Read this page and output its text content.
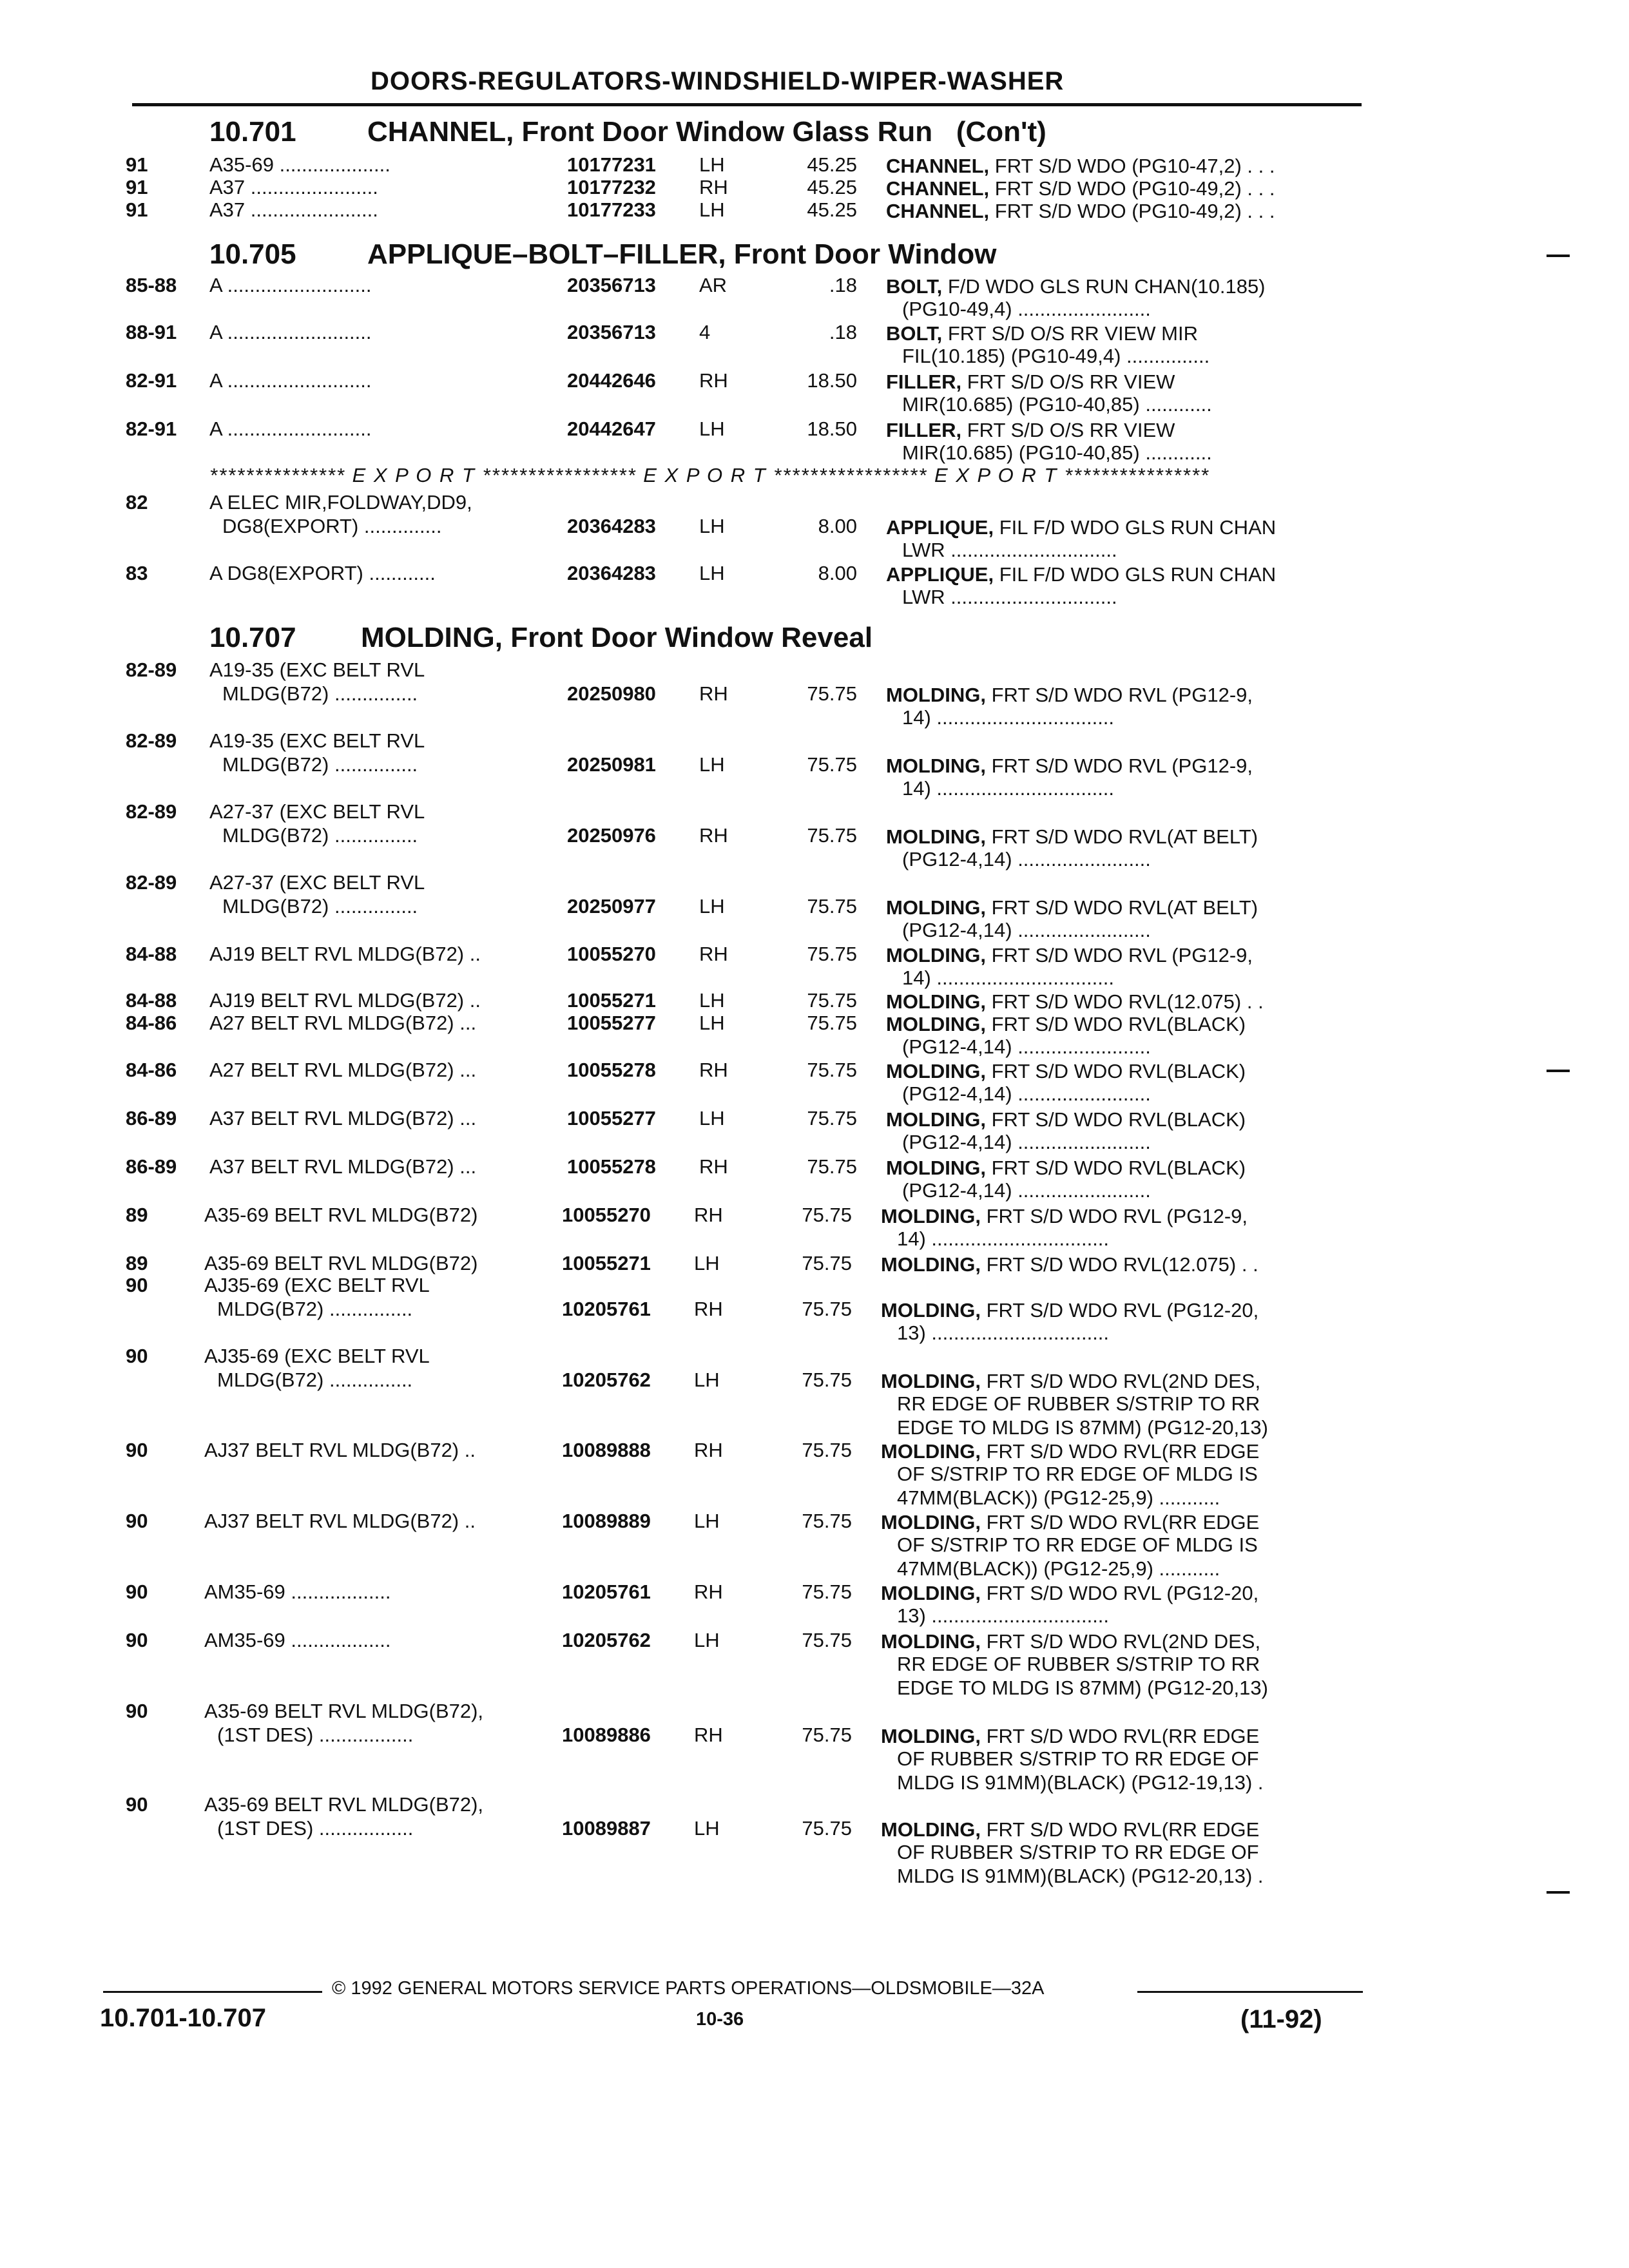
DOORS-REGULATORS-WINDSHIELD-WIPER-WASHER
10.701	CHANNEL, Front Door Window Glass Run (Con't)
10.705	APPLIQUE–BOLT–FILLER, Front Door Window
*************** E X P O R T ***************** E X P O R T ***************** E X P O R T ****************
10.707 MOLDING, Front Door Window Reveal
91	A35-69 ....................	10177231 LH	45.25 CHANNEL, FRT S/D WDO (PG10-47,2) . . .
91	A37 .......................	10177232 RH	45.25 CHANNEL, FRT S/D WDO (PG10-49,2) . . .
91	A37 .......................	10177233 LH	45.25 CHANNEL, FRT S/D WDO (PG10-49,2) . . .
85-88 A ..........................	20356713 AR	.18 BOLT, F/D WDO GLS RUN CHAN(10.185)
(PG10-49,4) ........................
88-91 A ..........................	20356713 4	.18 BOLT, FRT S/D O/S RR VIEW MIR
FIL(10.185) (PG10-49,4) ...............
82-91 A ..........................	20442646 RH	18.50 FILLER, FRT S/D O/S RR VIEW
MIR(10.685) (PG10-40,85) ............
82-91 A ..........................	20442647 LH	18.50 FILLER, FRT S/D O/S RR VIEW
MIR(10.685) (PG10-40,85) ............
82	A ELEC MIR,FOLDWAY,DD9,
DG8(EXPORT) ..............	20364283 LH	8.00 APPLIQUE, FIL F/D WDO GLS RUN CHAN
LWR ..............................
83	A DG8(EXPORT) ............	20364283 LH	8.00 APPLIQUE, FIL F/D WDO GLS RUN CHAN
LWR ..............................
82-89 A19-35 (EXC BELT RVL
MLDG(B72) ...............	20250980 RH	75.75 MOLDING, FRT S/D WDO RVL (PG12-9,
14) ................................
82-89 A19-35 (EXC BELT RVL
MLDG(B72) ...............	20250981 LH	75.75 MOLDING, FRT S/D WDO RVL (PG12-9,
14) ................................
82-89 A27-37 (EXC BELT RVL
MLDG(B72) ...............	20250976 RH	75.75 MOLDING, FRT S/D WDO RVL(AT BELT)
(PG12-4,14) ........................
82-89 A27-37 (EXC BELT RVL
MLDG(B72) ...............	20250977 LH	75.75 MOLDING, FRT S/D WDO RVL(AT BELT)
(PG12-4,14) ........................
84-88 AJ19 BELT RVL MLDG(B72) ..	10055270 RH	75.75 MOLDING, FRT S/D WDO RVL (PG12-9,
14) ................................
84-88 AJ19 BELT RVL MLDG(B72) ..	10055271 LH	75.75 MOLDING, FRT S/D WDO RVL(12.075) . .
84-86 A27 BELT RVL MLDG(B72) ...	10055277 LH	75.75 MOLDING, FRT S/D WDO RVL(BLACK)
(PG12-4,14) ........................
84-86 A27 BELT RVL MLDG(B72) ...	10055278 RH	75.75 MOLDING, FRT S/D WDO RVL(BLACK)
(PG12-4,14) ........................
86-89 A37 BELT RVL MLDG(B72) ...	10055277 LH	75.75 MOLDING, FRT S/D WDO RVL(BLACK)
(PG12-4,14) ........................
86-89 A37 BELT RVL MLDG(B72) ...	10055278 RH	75.75 MOLDING, FRT S/D WDO RVL(BLACK)
(PG12-4,14) ........................
89	A35-69 BELT RVL MLDG(B72)	10055270 RH	75.75 MOLDING, FRT S/D WDO RVL (PG12-9,
14) ................................
89	A35-69 BELT RVL MLDG(B72)	10055271 LH	75.75 MOLDING, FRT S/D WDO RVL(12.075) . .
90	AJ35-69 (EXC BELT RVL
MLDG(B72) ...............	10205761 RH	75.75 MOLDING, FRT S/D WDO RVL (PG12-20,
13) ................................
90	AJ35-69 (EXC BELT RVL
MLDG(B72) ...............	10205762 LH	75.75 MOLDING, FRT S/D WDO RVL(2ND DES,
RR EDGE OF RUBBER S/STRIP TO RR
EDGE TO MLDG IS 87MM) (PG12-20,13)
90	AJ37 BELT RVL MLDG(B72) ..	10089888 RH	75.75 MOLDING, FRT S/D WDO RVL(RR EDGE
OF S/STRIP TO RR EDGE OF MLDG IS
47MM(BLACK)) (PG12-25,9) ...........
90	AJ37 BELT RVL MLDG(B72) ..	10089889 LH	75.75 MOLDING, FRT S/D WDO RVL(RR EDGE
OF S/STRIP TO RR EDGE OF MLDG IS
47MM(BLACK)) (PG12-25,9) ...........
90	AM35-69 ..................	10205761 RH	75.75 MOLDING, FRT S/D WDO RVL (PG12-20,
13) ................................
90	AM35-69 ..................	10205762 LH	75.75 MOLDING, FRT S/D WDO RVL(2ND DES,
RR EDGE OF RUBBER S/STRIP TO RR
EDGE TO MLDG IS 87MM) (PG12-20,13)
90	A35-69 BELT RVL MLDG(B72),
(1ST DES) .................	10089886 RH	75.75 MOLDING, FRT S/D WDO RVL(RR EDGE
OF RUBBER S/STRIP TO RR EDGE OF
MLDG IS 91MM)(BLACK) (PG12-19,13) .
90	A35-69 BELT RVL MLDG(B72),
(1ST DES) .................	10089887 LH	75.75 MOLDING, FRT S/D WDO RVL(RR EDGE
OF RUBBER S/STRIP TO RR EDGE OF
MLDG IS 91MM)(BLACK) (PG12-20,13) .
© 1992 GENERAL MOTORS SERVICE PARTS OPERATIONS—OLDSMOBILE—32A
10.701-10.707	10-36	(11-92)
